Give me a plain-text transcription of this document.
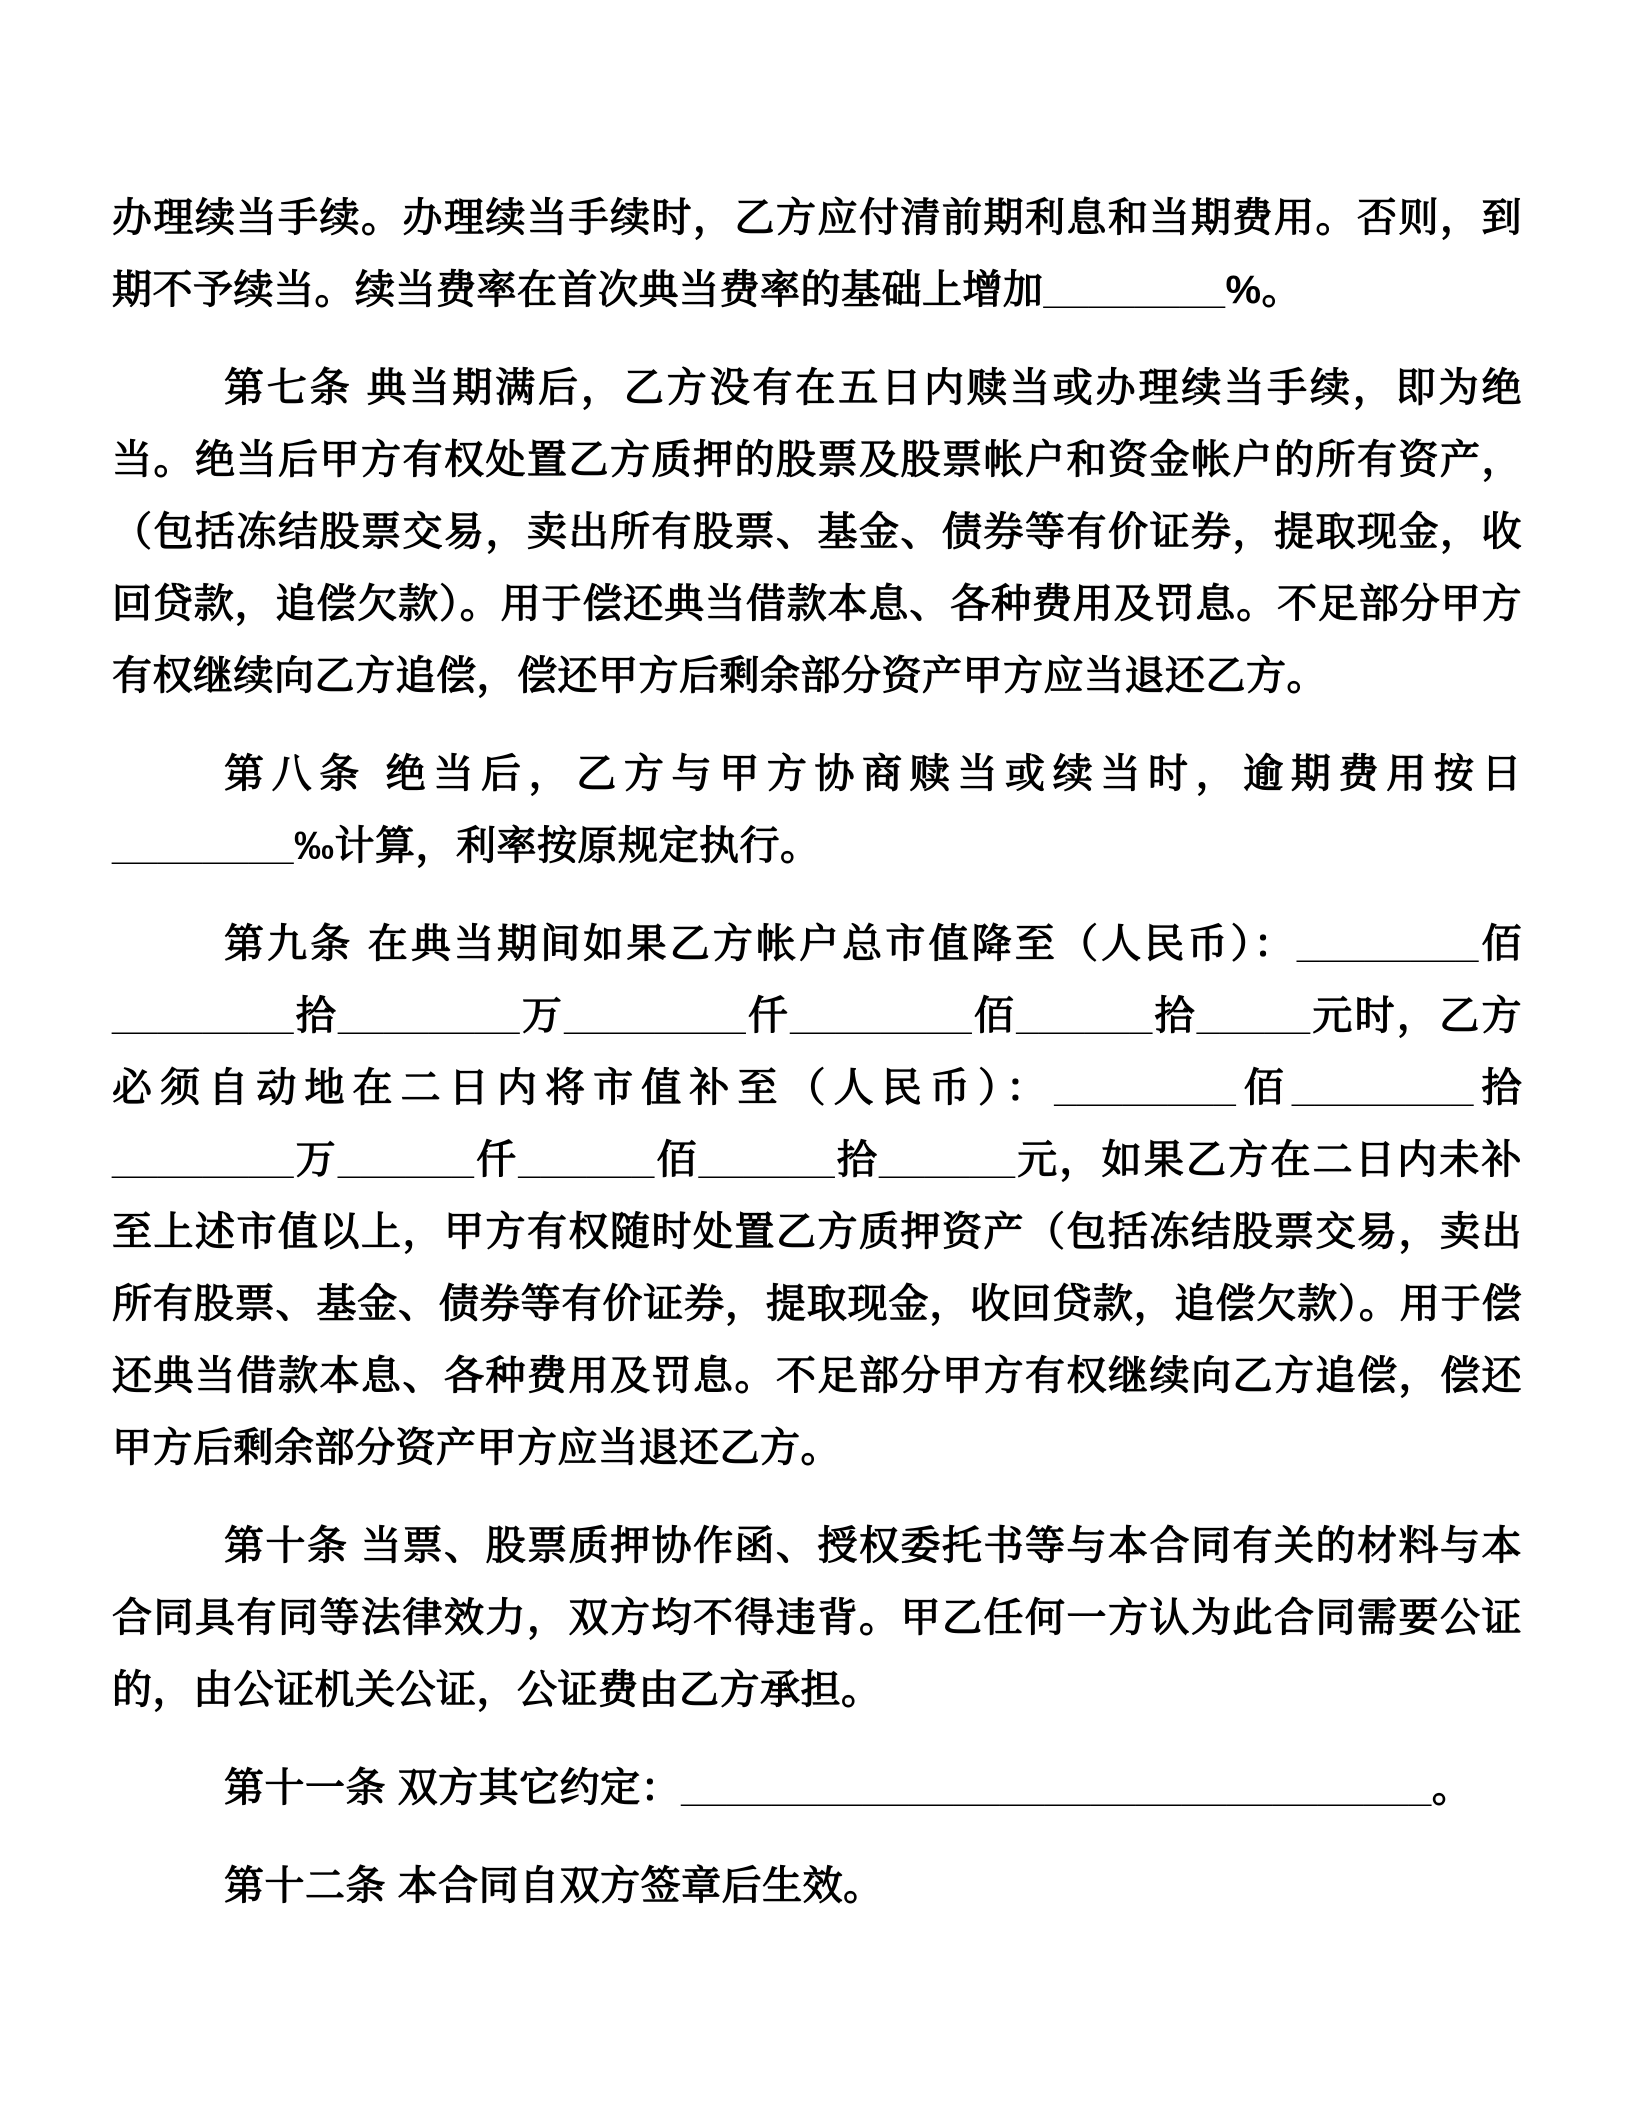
办理续当手续。办理续当手续时，乙方应付清前期利息和当期费用。否则，到期不予续当。续当费率在首次典当费率的基础上增加________%。

第七条 典当期满后，乙方没有在五日内赎当或办理续当手续，即为绝当。绝当后甲方有权处置乙方质押的股票及股票帐户和资金帐户的所有资产，（包括冻结股票交易，卖出所有股票、基金、债券等有价证券，提取现金，收回贷款，追偿欠款）。用于偿还典当借款本息、各种费用及罚息。不足部分甲方有权继续向乙方追偿，偿还甲方后剩余部分资产甲方应当退还乙方。

第八条 绝当后，乙方与甲方协商赎当或续当时，逾期费用按日________‰计算，利率按原规定执行。

第九条 在典当期间如果乙方帐户总市值降至（人民币）：________佰________拾________万________仟________佰______拾_____元时，乙方必须自动地在二日内将市值补至（人民币）：________佰________拾________万______仟______佰______拾______元，如果乙方在二日内未补至上述市值以上，甲方有权随时处置乙方质押资产（包括冻结股票交易，卖出所有股票、基金、债券等有价证券，提取现金，收回贷款，追偿欠款）。用于偿还典当借款本息、各种费用及罚息。不足部分甲方有权继续向乙方追偿，偿还甲方后剩余部分资产甲方应当退还乙方。

第十条 当票、股票质押协作函、授权委托书等与本合同有关的材料与本合同具有同等法律效力，双方均不得违背。甲乙任何一方认为此合同需要公证的，由公证机关公证，公证费由乙方承担。

第十一条 双方其它约定：_________________________________。

第十二条 本合同自双方签章后生效。
